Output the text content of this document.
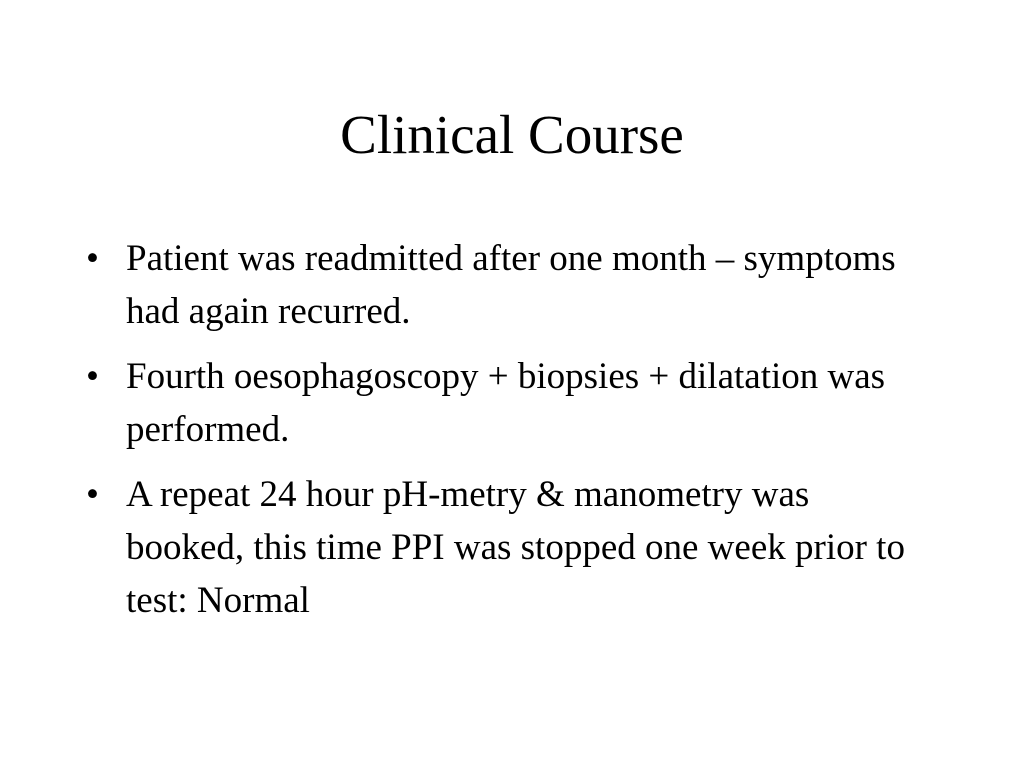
Clinical Course
• Patient was readmitted after one month – symptoms had again recurred.
• Fourth oesophagoscopy + biopsies + dilatation was performed.
• A repeat 24 hour pH-metry & manometry was booked, this time PPI was stopped one week prior to test: Normal
